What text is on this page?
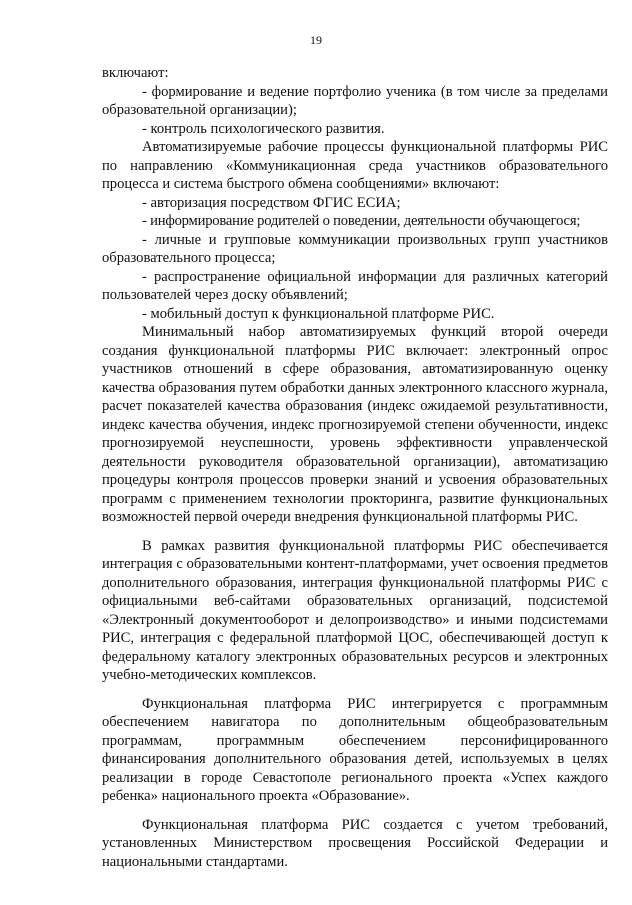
19

включают:

- формирование и ведение портфолио ученика (в том числе за пределами образовательной организации);

- контроль психологического развития.

Автоматизируемые рабочие процессы функциональной платформы РИС по направлению «Коммуникационная среда участников образовательного процесса и система быстрого обмена сообщениями» включают:

- авторизация посредством ФГИС ЕСИА;

- информирование родителей о поведении, деятельности обучающегося;

- личные и групповые коммуникации произвольных групп участников образовательного процесса;

- распространение официальной информации для различных категорий пользователей через доску объявлений;

- мобильный доступ к функциональной платформе РИС.

Минимальный набор автоматизируемых функций второй очереди создания функциональной платформы РИС включает: электронный опрос участников отношений в сфере образования, автоматизированную оценку качества образования путем обработки данных электронного классного журнала, расчет показателей качества образования (индекс ожидаемой результативности, индекс качества обучения, индекс прогнозируемой степени обученности, индекс прогнозируемой неуспешности, уровень эффективности управленческой деятельности руководителя образовательной организации), автоматизацию процедуры контроля процессов проверки знаний и усвоения образовательных программ с применением технологии прокторинга, развитие функциональных возможностей первой очереди внедрения функциональной платформы РИС.

В рамках развития функциональной платформы РИС обеспечивается интеграция с образовательными контент-платформами, учет освоения предметов дополнительного образования, интеграция функциональной платформы РИС с официальными веб-сайтами образовательных организаций, подсистемой «Электронный документооборот и делопроизводство» и иными подсистемами РИС, интеграция с федеральной платформой ЦОС, обеспечивающей доступ к федеральному каталогу электронных образовательных ресурсов и электронных учебно-методических комплексов.

Функциональная платформа РИС интегрируется с программным обеспечением навигатора по дополнительным общеобразовательным программам, программным обеспечением персонифицированного финансирования дополнительного образования детей, используемых в целях реализации в городе Севастополе регионального проекта «Успех каждого ребенка» национального проекта «Образование».

Функциональная платформа РИС создается с учетом требований, установленных Министерством просвещения Российской Федерации и национальными стандартами.
